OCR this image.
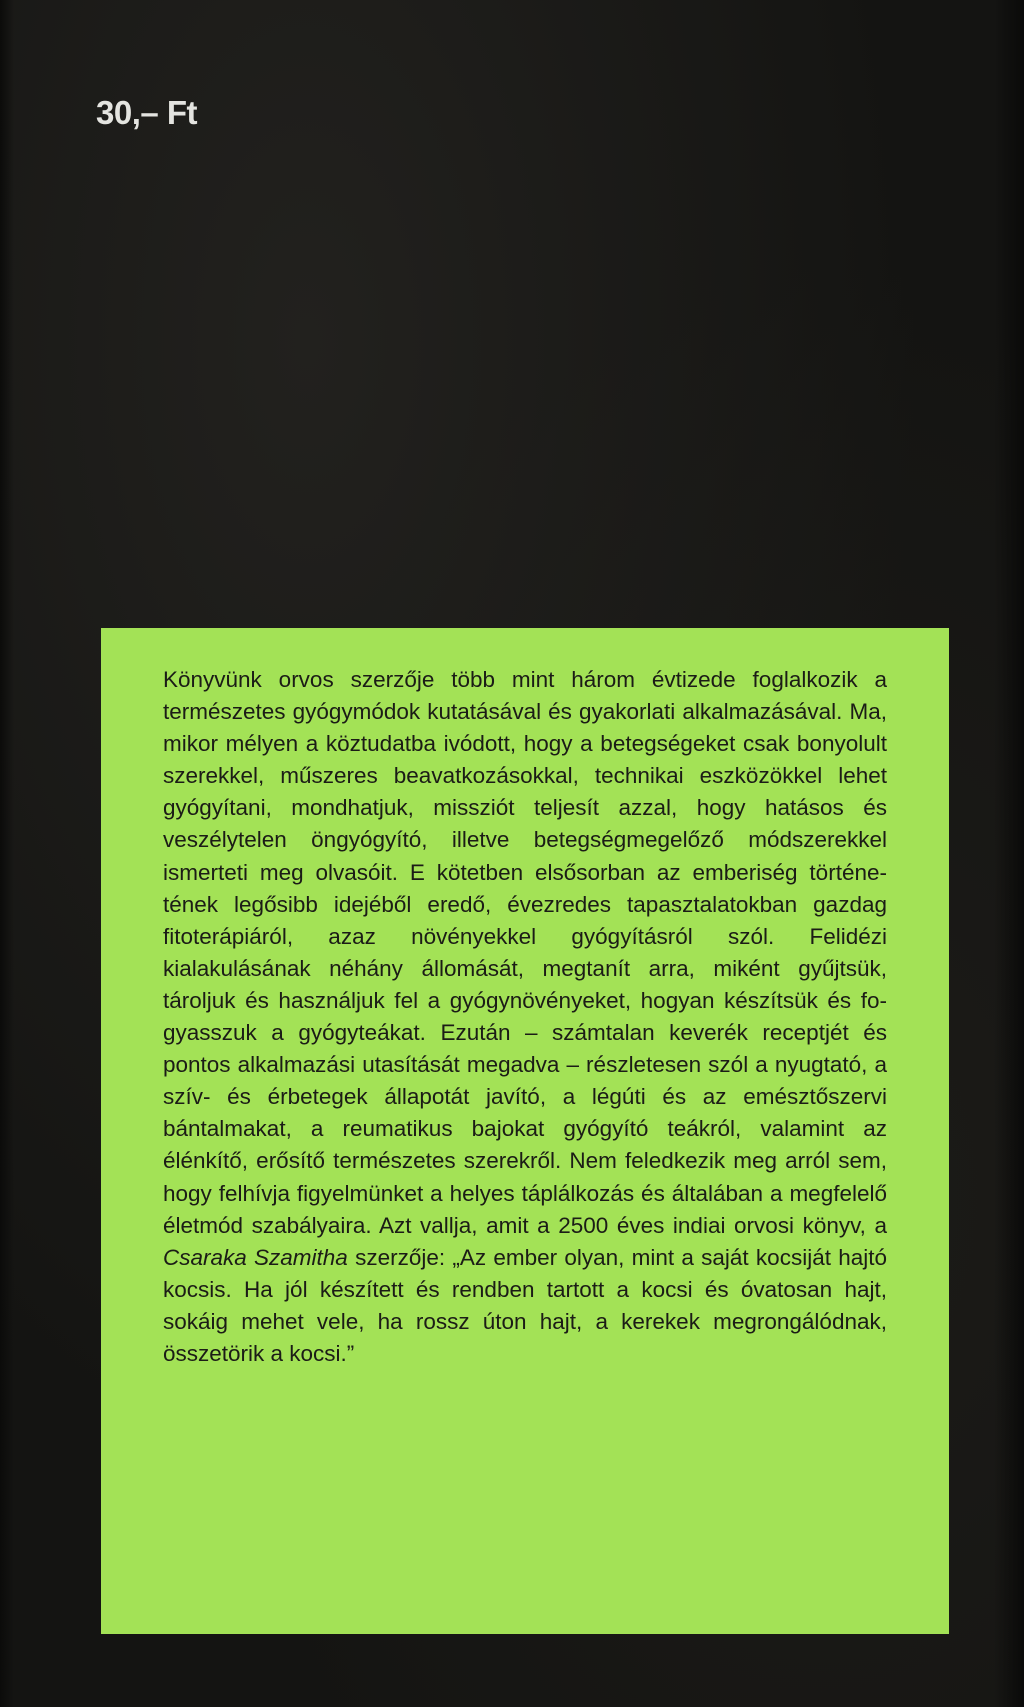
30,– Ft

Könyvünk orvos szerzője több mint három évtizede foglalkozik a természetes gyógymódok kutatásával és gyakorlati alkalmazásával. Ma, mikor mélyen a köztudatba ivódott, hogy a betegségeket csak bonyolult szerekkel, műszeres beavatkozásokkal, technikai eszközökkel lehet gyógyítani, mondhatjuk, missziót teljesít azzal, hogy hatásos és veszélytelen öngyógyító, illetve betegségmegelőző módszerekkel ismerteti meg olvasóit. E kötetben elsősorban az emberiség történetének legősibb idejéből eredő, évezredes tapasztalatokban gazdag fitoterápiáról, azaz növényekkel gyógyításról szól. Felidézi kialakulásának néhány állomását, megtanít arra, miként gyűjtsük, tároljuk és használjuk fel a gyógynövényeket, hogyan készítsük és fogyasszuk a gyógyteákat. Ezután – számtalan keverék receptjét és pontos alkalmazási utasítását megadva – részletesen szól a nyugtató, a szív- és érbetegek állapotát javító, a légúti és az emésztőszervi bántalmakat, a reumatikus bajokat gyógyító teákról, valamint az élénkítő, erősítő természetes szerekről. Nem feledkezik meg arról sem, hogy felhívja figyelmünket a helyes táplálkozás és általában a megfelelő életmód szabályaira. Azt vallja, amit a 2500 éves indiai orvosi könyv, a Csaraka Szamitha szerzője: „Az ember olyan, mint a saját kocsiját hajtó kocsis. Ha jól készített és rendben tartott a kocsi és óvatosan hajt, sokáig mehet vele, ha rossz úton hajt, a kerekek megrongálódnak, összetörik a kocsi.”
